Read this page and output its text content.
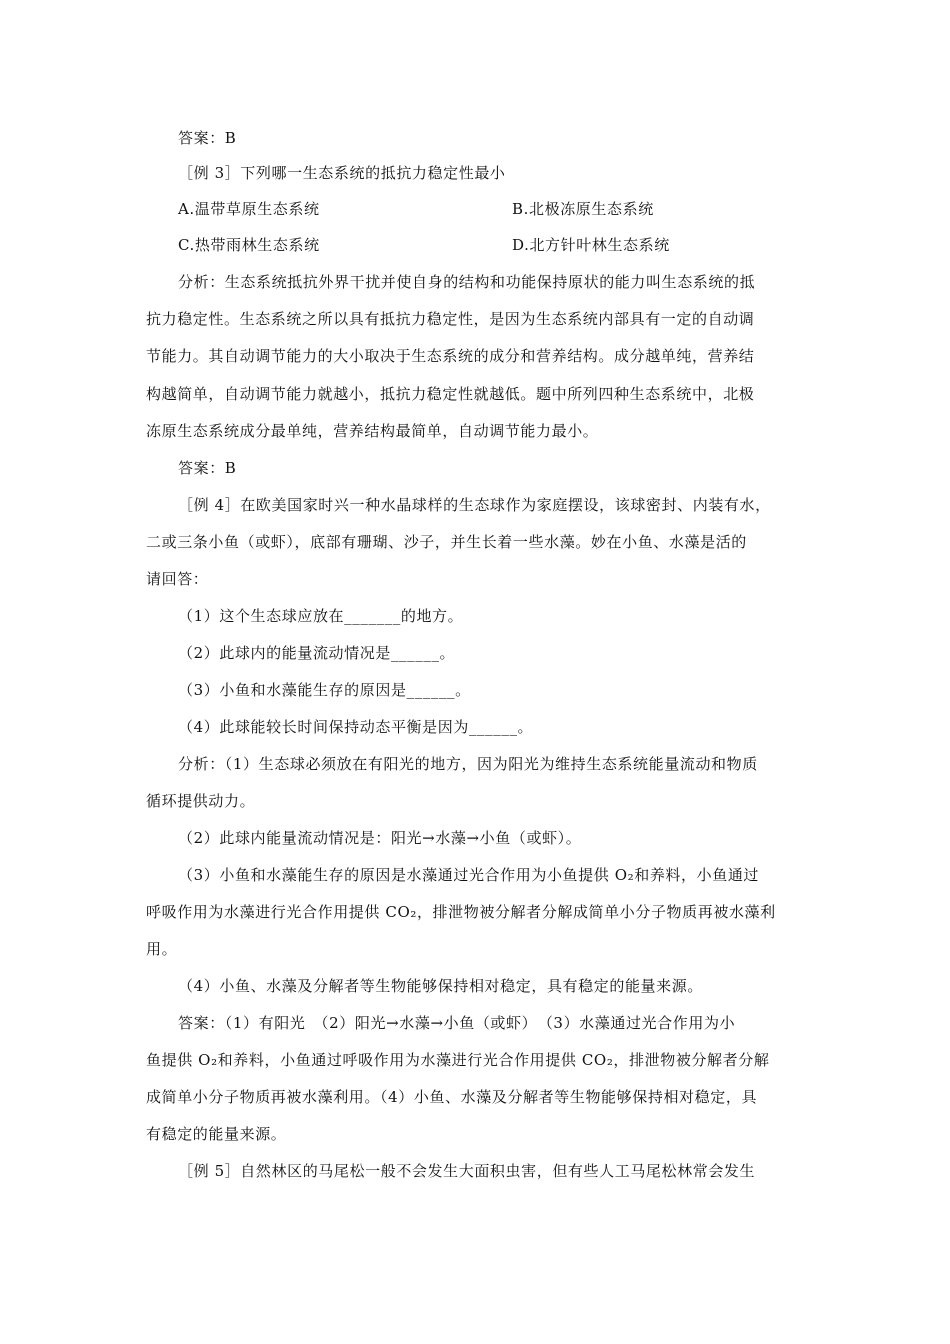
答案：B
［例 3］下列哪一生态系统的抵抗力稳定性最小
A.温带草原生态系统	B.北极冻原生态系统
C.热带雨林生态系统	D.北方针叶林生态系统
分析：生态系统抵抗外界干扰并使自身的结构和功能保持原状的能力叫生态系统的抵
抗力稳定性。生态系统之所以具有抵抗力稳定性，是因为生态系统内部具有一定的自动调
节能力。其自动调节能力的大小取决于生态系统的成分和营养结构。成分越单纯，营养结
构越简单，自动调节能力就越小，抵抗力稳定性就越低。题中所列四种生态系统中，北极
冻原生态系统成分最单纯，营养结构最简单，自动调节能力最小。
答案：B
［例 4］在欧美国家时兴一种水晶球样的生态球作为家庭摆设，该球密封、内装有水，
二或三条小鱼（或虾），底部有珊瑚、沙子，并生长着一些水藻。妙在小鱼、水藻是活的
请回答：
（1）这个生态球应放在_______的地方。
（2）此球内的能量流动情况是______。
（3）小鱼和水藻能生存的原因是______。
（4）此球能较长时间保持动态平衡是因为______。
分析：（1）生态球必须放在有阳光的地方，因为阳光为维持生态系统能量流动和物质
循环提供动力。
（2）此球内能量流动情况是：阳光→水藻→小鱼（或虾）。
（3）小鱼和水藻能生存的原因是水藻通过光合作用为小鱼提供 O₂和养料，小鱼通过
呼吸作用为水藻进行光合作用提供 CO₂，排泄物被分解者分解成简单小分子物质再被水藻利
用。
（4）小鱼、水藻及分解者等生物能够保持相对稳定，具有稳定的能量来源。
答案：（1）有阳光　（2）阳光→水藻→小鱼（或虾）　（3）水藻通过光合作用为小
鱼提供 O₂和养料，小鱼通过呼吸作用为水藻进行光合作用提供 CO₂，排泄物被分解者分解
成简单小分子物质再被水藻利用。（4）小鱼、水藻及分解者等生物能够保持相对稳定，具
有稳定的能量来源。
［例 5］自然林区的马尾松一般不会发生大面积虫害，但有些人工马尾松林常会发生
